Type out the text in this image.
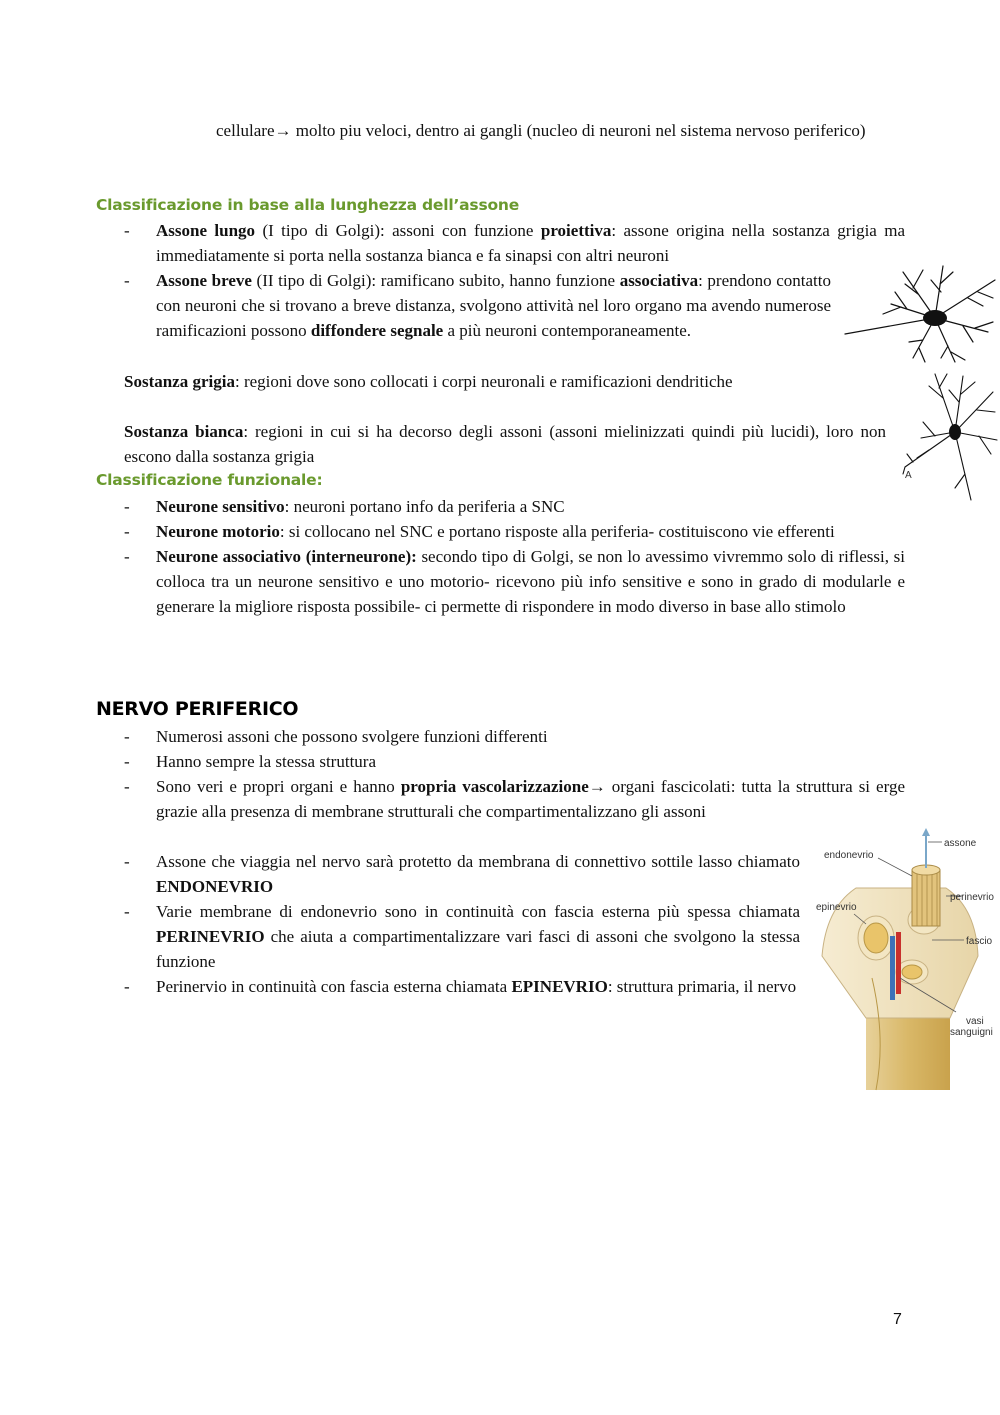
cellulare→ molto piu veloci, dentro ai gangli (nucleo di neuroni nel sistema nervoso periferico)
Classificazione in base alla lunghezza dell’assone
- Assone lungo (I tipo di Golgi): assoni con funzione proiettiva: assone origina nella sostanza grigia ma immediatamente si porta nella sostanza bianca e fa sinapsi con altri neuroni
- Assone breve (II tipo di Golgi): ramificano subito, hanno funzione associativa: prendono contatto con neuroni che si trovano a breve distanza, svolgono attività nel loro organo ma avendo numerose ramificazioni possono diffondere segnale a più neuroni contemporaneamente.
Sostanza grigia: regioni dove sono collocati i corpi neuronali e ramificazioni dendritiche
Sostanza bianca: regioni in cui si ha decorso degli assoni (assoni mielinizzati quindi più lucidi), loro non escono dalla sostanza grigia
Classificazione funzionale:
- Neurone sensitivo: neuroni portano info da periferia a SNC
- Neurone motorio: si collocano nel SNC e portano risposte alla periferia- costituiscono vie efferenti
- Neurone associativo (interneurone): secondo tipo di Golgi, se non lo avessimo vivremmo solo di riflessi, si colloca tra un neurone sensitivo e uno motorio- ricevono più info sensitive e sono in grado di modularle e generare la migliore risposta possibile- ci permette di rispondere in modo diverso in base allo stimolo
NERVO PERIFERICO
- Numerosi assoni che possono svolgere funzioni differenti
- Hanno sempre la stessa struttura
- Sono veri e propri organi e hanno propria vascolarizzazione→ organi fascicolati: tutta la struttura si erge grazie alla presenza di membrane strutturali che compartimentalizzano gli assoni
- Assone che viaggia nel nervo sarà protetto da membrana di connettivo sottile lasso chiamato ENDONEVRIO
- Varie membrane di endonevrio sono in continuità con fascia esterna più spessa chiamata PERINEVRIO che aiuta a compartimentalizzare vari fasci di assoni che svolgono la stessa funzione
- Perinervio in continuità con fascia esterna chiamata EPINEVRIO: struttura primaria, il nervo
A
assone
endonevrio
perinevrio
epinevrio
fascio
vasi
sanguigni
7
